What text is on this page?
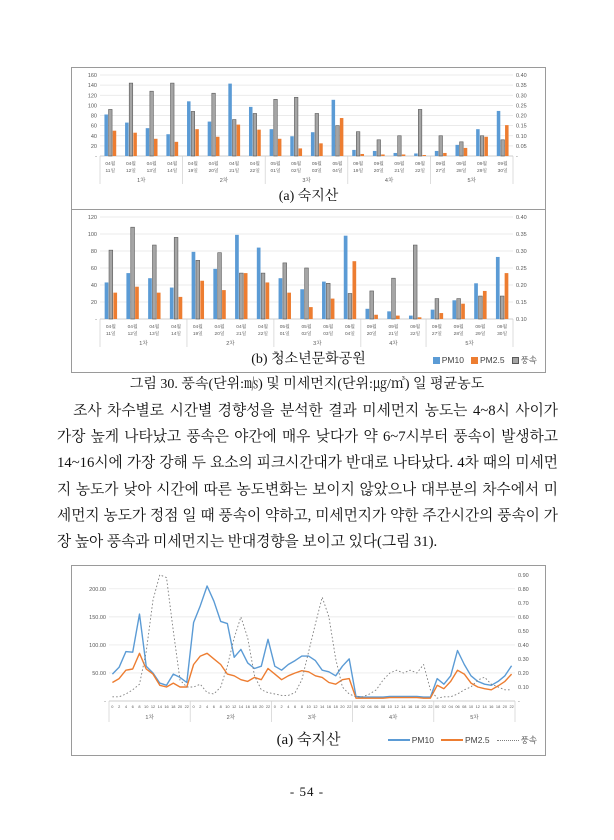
160	0.40
140	0.35
120	0.30
100	0.25
80	0.20
60	0.15
40	0.10
20	0.05
-	-
04월
11일
04월
12일
04월
13일
04월
14일
04월
19일
04월
20일
04월
21일
04월
22일
05월
01일
05월
02일
05월
03일
05월
04일
09월
19일
09월
20일
09월
21일
09월
22일
09월
27일
09월
28일
09월
29일
09월
30일
1차	2차	3차	4차	5차
(a) 숙지산
120	0.40
100	0.35
80	0.30
60	0.25
40	0.20
20	0.15
-	0.10
04월
11일
04월
12일
04월
13일
04월
14일
04월
19일
04월
20일
04월
21일
04월
22일
05월
01일
05월
02일
05월
03일
05월
04일
09월
20일
09월
21일
09월
22일
09월
27일
09월
28일
09월
29일
09월
30일
1차	2차	3차	4차	5차
(b) 청소년문화공원	PM10 PM2.5 풍속

그림 30. 풍속(단위:㎧) 및 미세먼지(단위:㎍/㎥) 일 평균농도

조사 차수별로 시간별 경향성을 분석한 결과 미세먼지 농도는 4~8시 사이가 가장 높게 나타났고 풍속은 야간에 매우 낮다가 약 6~7시부터 풍속이 발생하고 14~16시에 가장 강해 두 요소의 피크시간대가 반대로 나타났다. 4차 때의 미세먼지 농도가 낮아 시간에 따른 농도변화는 보이지 않았으나 대부분의 차수에서 미세먼지 농도가 정점 일 때 풍속이 약하고, 미세먼지가 약한 주간시간의 풍속이 가장 높아 풍속과 미세먼지는 반대경향을 보이고 있다(그림 31).

200.00
150.00
100.00
50.00
-
0.90
0.80
0.70
0.60
0.50
0.40
0.30
0.20
0.10
-
0 2 4 6 8 10 12 14 16 18 20 22
1차
0 2 4 6 8 10 12 14 16 18 20 22
2차
0 2 4 6 8 10 12 14 16 18 20 22
3차
00 02 04 06 08 10 12 14 16 18 20 22
4차
00 02 04 06 08 10 12 14 16 18 20 22
5차
(a) 숙지산	PM10	PM2.5	풍속
- 54 -
